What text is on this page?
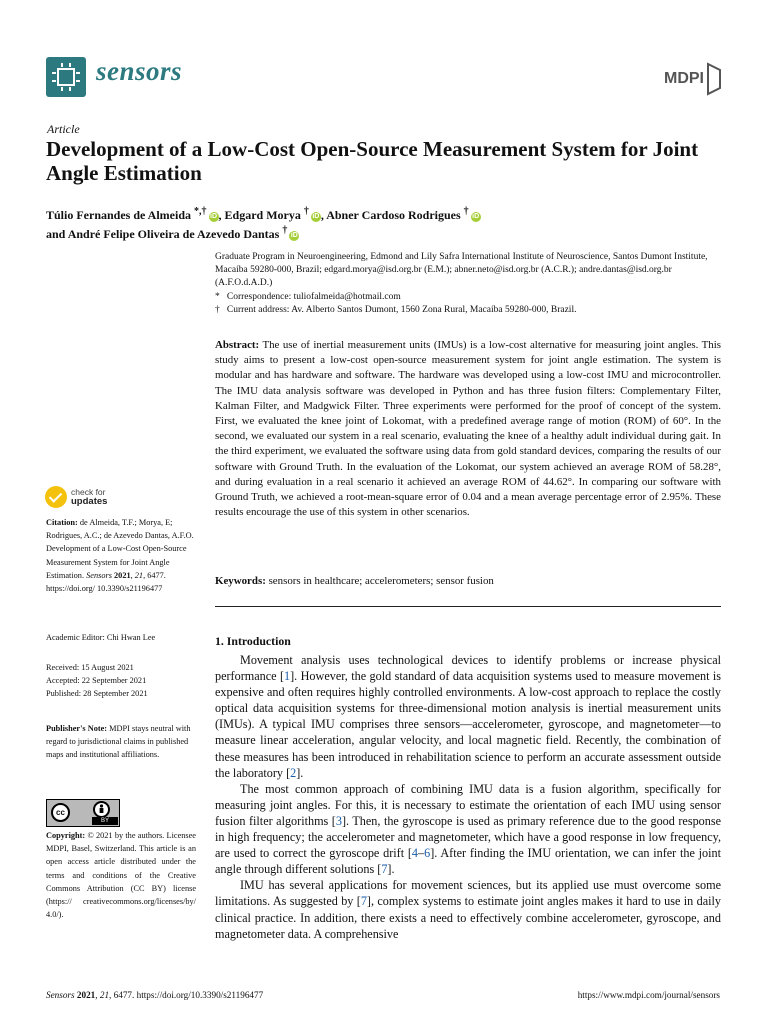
sensors	MDPI
Article
Development of a Low-Cost Open-Source Measurement System for Joint Angle Estimation
Túlio Fernandes de Almeida *,† iD , Edgard Morya † iD , Abner Cardoso Rodrigues † iD
and André Felipe Oliveira de Azevedo Dantas † iD
Graduate Program in Neuroengineering, Edmond and Lily Safra International Institute of Neuroscience, Santos Dumont Institute, Macaíba 59280-000, Brazil; edgard.morya@isd.org.br (E.M.); abner.neto@isd.org.br (A.C.R.); andre.dantas@isd.org.br (A.F.O.d.A.D.)
* Correspondence: tuliofalmeida@hotmail.com
† Current address: Av. Alberto Santos Dumont, 1560 Zona Rural, Macaíba 59280-000, Brazil.
Abstract: The use of inertial measurement units (IMUs) is a low-cost alternative for measuring joint angles. This study aims to present a low-cost open-source measurement system for joint angle estimation. The system is modular and has hardware and software. The hardware was developed using a low-cost IMU and microcontroller. The IMU data analysis software was developed in Python and has three fusion filters: Complementary Filter, Kalman Filter, and Madgwick Filter. Three experiments were performed for the proof of concept of the system. First, we evaluated the knee joint of Lokomat, with a predefined average range of motion (ROM) of 60°. In the second, we evaluated our system in a real scenario, evaluating the knee of a healthy adult individual during gait. In the third experiment, we evaluated the software using data from gold standard devices, comparing the results of our software with Ground Truth. In the evaluation of the Lokomat, our system achieved an average ROM of 58.28°, and during evaluation in a real scenario it achieved an average ROM of 44.62°. In comparing our software with Ground Truth, we achieved a root-mean-square error of 0.04 and a mean average percentage error of 2.95%. These results encourage the use of this system in other scenarios.
Keywords: sensors in healthcare; accelerometers; sensor fusion
check for
updates
Citation: de Almeida, T.F.; Morya, E; Rodrigues, A.C.; de Azevedo Dantas, A.F.O. Development of a Low-Cost Open-Source Measurement System for Joint Angle Estimation. Sensors 2021, 21, 6477. https://doi.org/ 10.3390/s21196477
Academic Editor: Chi Hwan Lee
Received: 15 August 2021
Accepted: 22 September 2021
Published: 28 September 2021
Publisher's Note: MDPI stays neutral with regard to jurisdictional claims in published maps and institutional affiliations.
cc
BY
Copyright: © 2021 by the authors. Licensee MDPI, Basel, Switzerland. This article is an open access article distributed under the terms and conditions of the Creative Commons Attribution (CC BY) license (https:// creativecommons.org/licenses/by/ 4.0/).
1. Introduction

Movement analysis uses technological devices to identify problems or increase physical performance [1]. However, the gold standard of data acquisition systems used to measure movement is expensive and often requires highly controlled environments. A low-cost approach to replace the costly optical data acquisition systems for three-dimensional motion analysis is inertial measurement units (IMUs). A typical IMU comprises three sensors—accelerometer, gyroscope, and magnetometer—to measure linear acceleration, angular velocity, and local magnetic field. Recently, the combination of these measures has been introduced in rehabilitation science to perform an accurate assessment outside the laboratory [2].

The most common approach of combining IMU data is a fusion algorithm, specifically for measuring joint angles. For this, it is necessary to estimate the orientation of each IMU using sensor fusion filter algorithms [3]. Then, the gyroscope is used as primary reference due to the good response in high frequency; the accelerometer and magnetometer, which have a good response in low frequency, are used to correct the gyroscope drift [4–6]. After finding the IMU orientation, we can infer the joint angle through different solutions [7].

IMU has several applications for movement sciences, but its applied use must overcome some limitations. As suggested by [7], complex systems to estimate joint angles makes it hard to use in daily clinical practice. In addition, there exists a need to effectively combine accelerometer, gyroscope, and magnetometer data. A comprehensive

Sensors 2021, 21, 6477. https://doi.org/10.3390/s21196477	https://www.mdpi.com/journal/sensors
